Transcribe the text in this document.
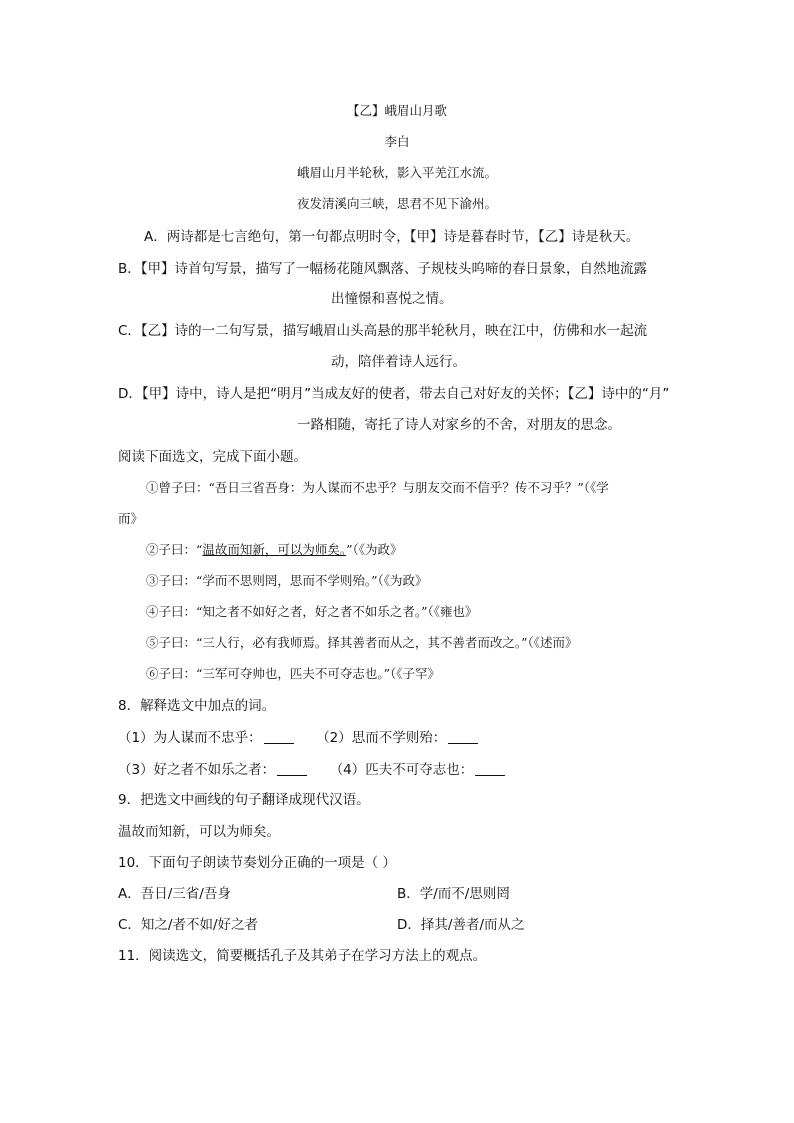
【乙】峨眉山月歌
李白
峨眉山月半轮秋，影入平羌江水流。
夜发清溪向三峡，思君不见下渝州。
A．两诗都是七言绝句，第一句都点明时令，【甲】诗是暮春时节，【乙】诗是秋天。
B．【甲】诗首句写景，描写了一幅杨花随风飘落、子规枝头呜啼的春日景象，自然地流露
出憧憬和喜悦之情。
C．【乙】诗的一二句写景，描写峨眉山头高悬的那半轮秋月，映在江中，仿佛和水一起流
动，陪伴着诗人远行。
D．【甲】诗中，诗人是把“明月”当成友好的使者，带去自己对好友的关怀；【乙】诗中的“月”
一路相随，寄托了诗人对家乡的不舍，对朋友的思念。
阅读下面选文，完成下面小题。
①曾子曰：“吾日三省吾身：为人谋而不忠乎？与朋友交而不信乎？传不习乎？”（《学
而》
②子曰：“温故而知新，可以为师矣。”（《为政》
③子曰：“学而不思则罔，思而不学则殆。”（《为政》
④子曰：“知之者不如好之者，好之者不如乐之者。”（《雍也》
⑤子曰：“三人行，必有我师焉。择其善者而从之，其不善者而改之。”（《述而》
⑥子曰：“三军可夺帅也，匹夫不可夺志也。”（《子罕》
8．解释选文中加点的词。
（1）为人谋而不忠乎：	（2）思而不学则殆：
（3）好之者不如乐之者：	（4）匹夫不可夺志也：
9．把选文中画线的句子翻译成现代汉语。
温故而知新，可以为师矣。
10．下面句子朗读节奏划分正确的一项是（ ）
A．吾日/三省/吾身	B．学/而不/思则罔
C．知之/者不如/好之者	D．择其/善者/而从之
11．阅读选文，简要概括孔子及其弟子在学习方法上的观点。
